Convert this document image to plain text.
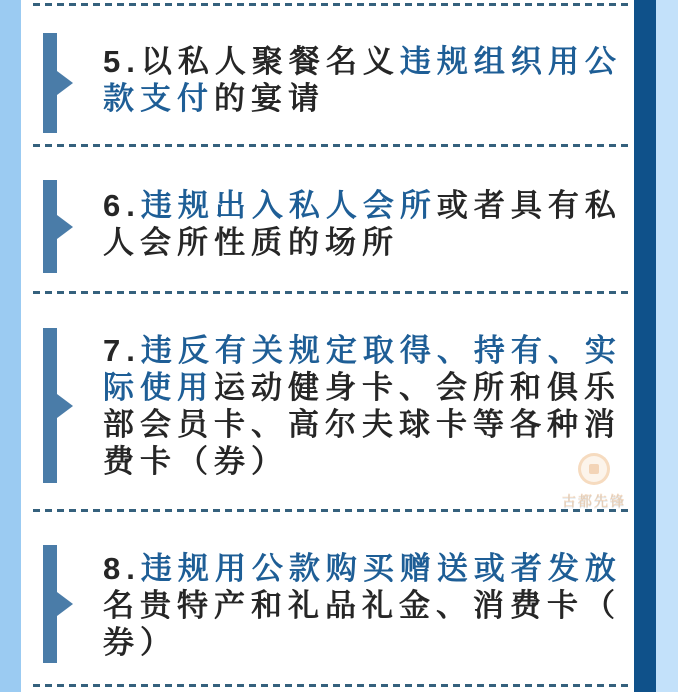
5.以私人聚餐名义违规组织用公
款支付的宴请
6.违规出入私人会所或者具有私
人会所性质的场所
7.违反有关规定取得、持有、实
际使用运动健身卡、会所和俱乐
部会员卡、高尔夫球卡等各种消
费卡（券）
8.违规用公款购买赠送或者发放
名贵特产和礼品礼金、消费卡（
券）
古都先锋
